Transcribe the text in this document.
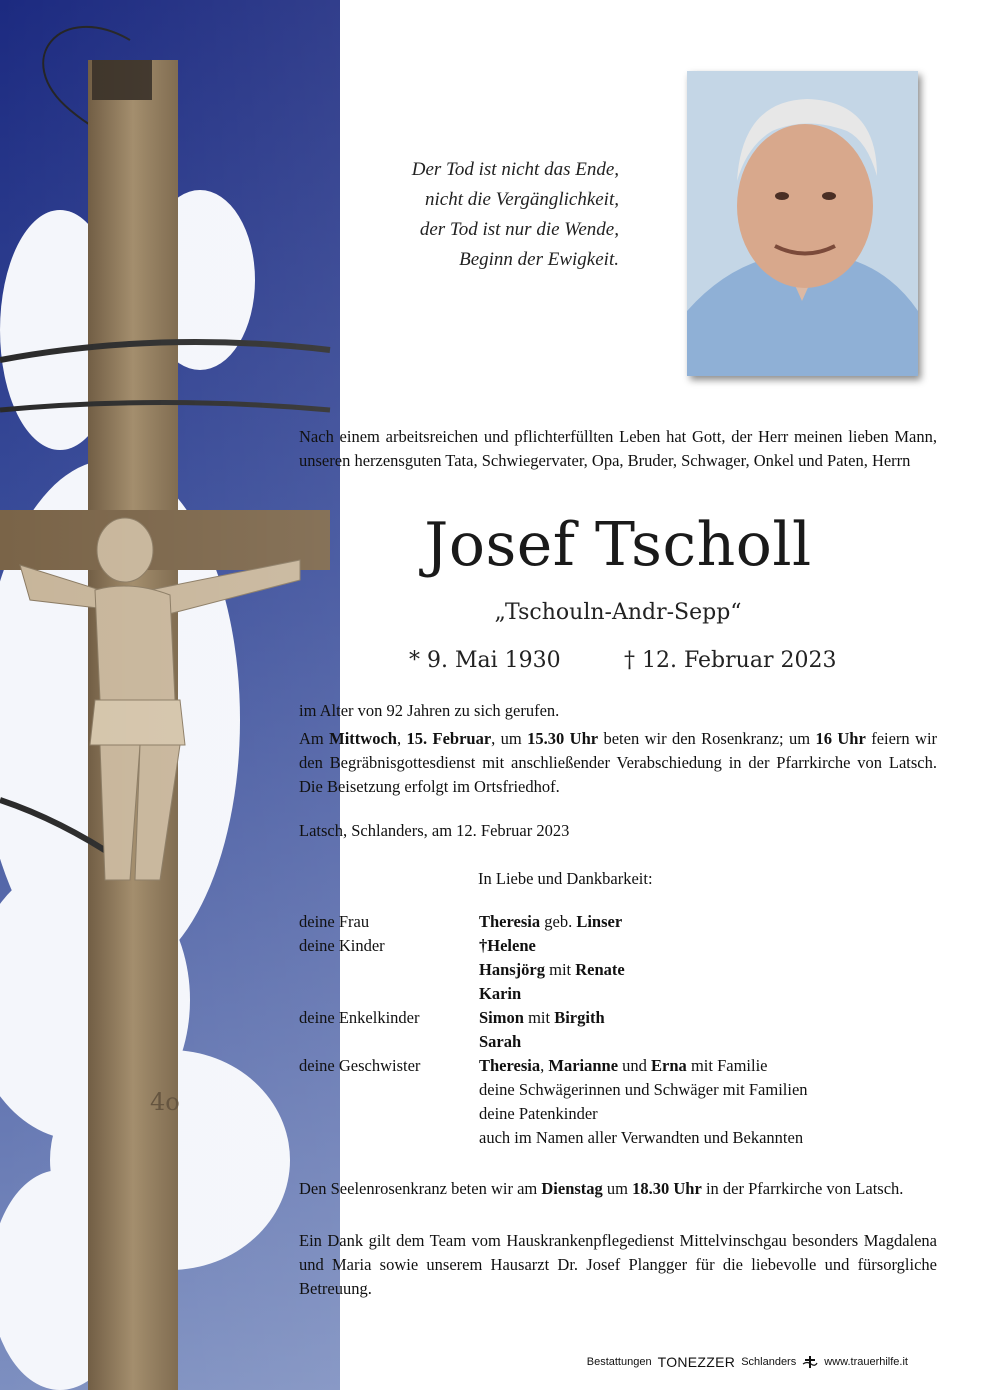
Der Tod ist nicht das Ende,
nicht die Vergänglichkeit,
der Tod ist nur die Wende,
Beginn der Ewigkeit.
Nach einem arbeitsreichen und pflichterfüllten Leben hat Gott, der Herr meinen lieben Mann, unseren herzensguten Tata, Schwiegervater, Opa, Bruder, Schwager, Onkel und Paten, Herrn
Josef Tscholl
„Tschouln-Andr-Sepp“
* 9. Mai 1930	† 12. Februar 2023
im Alter von 92 Jahren zu sich gerufen.
Am Mittwoch, 15. Februar, um 15.30 Uhr beten wir den Rosenkranz; um 16 Uhr feiern wir den Begräbnisgottesdienst mit anschließender Verabschiedung in der Pfarrkirche von Latsch. Die Beisetzung erfolgt im Ortsfriedhof.
Latsch, Schlanders, am 12. Februar 2023
In Liebe und Dankbarkeit:
deine Frau	Theresia geb. Linser
deine Kinder	†Helene
Hansjörg mit Renate
Karin
deine Enkelkinder	Simon mit Birgith
Sarah
deine Geschwister	Theresia, Marianne und Erna mit Familie
deine Schwägerinnen und Schwäger mit Familien
deine Patenkinder
auch im Namen aller Verwandten und Bekannten
Den Seelenrosenkranz beten wir am Dienstag um 18.30 Uhr in der Pfarrkirche von Latsch.
Ein Dank gilt dem Team vom Hauskrankenpflegedienst Mittelvinschgau besonders Magdalena und Maria sowie unserem Hausarzt Dr. Josef Plangger für die liebevolle und fürsorgliche Betreuung.
Bestattungen TONEZZER Schlanders	www.trauerhilfe.it
